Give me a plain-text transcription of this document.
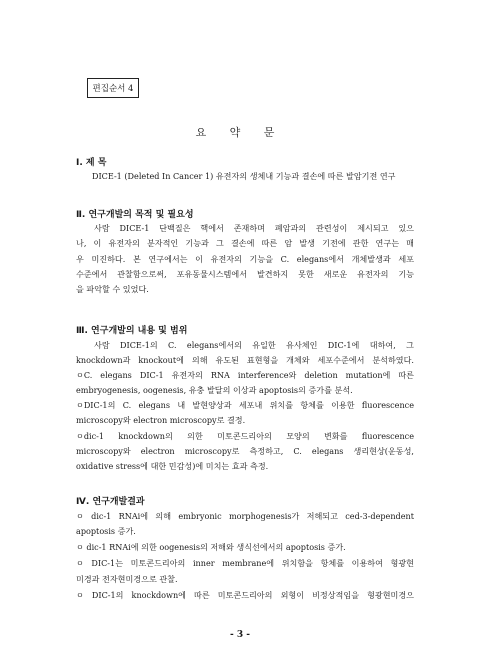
편집순서 4
요 약 문
Ⅰ. 제 목
DICE-1 (Deleted In Cancer 1) 유전자의 생체내 기능과 결손에 따른 발암기전 연구
Ⅱ. 연구개발의 목적 및 필요성
사람 DICE-1 단백질은 핵에서 존재하며 폐암과의 관련성이 제시되고 있으
나, 이 유전자의 분자적인 기능과 그 결손에 따른 암 발생 기전에 관한 연구는 매
우 미진하다. 본 연구에서는 이 유전자의 기능을 C. elegans에서 개체발생과 세포
수준에서 관찰함으로써, 포유동물시스템에서 발견하지 못한 새로운 유전자의 기능
을 파악할 수 있었다.
Ⅲ. 연구개발의 내용 및 범위
사람 DICE-1의 C. elegans에서의 유일한 유사체인 DIC-1에 대하여, 그
knockdown과 knockout에 의해 유도된 표현형을 개체와 세포수준에서 분석하였다.
ㅇC. elegans DIC-1 유전자의 RNA interference와 deletion mutation에 따른
embryogenesis, oogenesis, 유충 발달의 이상과 apoptosis의 증가를 분석.
ㅇDIC-1의 C. elegans 내 발현양상과 세포내 위치를 항체를 이용한 fluorescence
microscopy와 electron microscopy로 결정.
ㅇdic-1 knockdown의 의한 미토콘드리아의 모양의 변화를 fluorescence
microscopy와 electron microscopy로 측정하고, C. elegans 생리현상(운동성,
oxidative stress에 대한 민감성)에 미치는 효과 측정.
Ⅳ. 연구개발결과
ㅇ dic-1 RNAi에 의해 embryonic morphogenesis가 저해되고 ced-3-dependent
apoptosis 증가.
ㅇ dic-1 RNAi에 의한 oogenesis의 저해와 생식선에서의 apoptosis 증가.
ㅇ DIC-1는 미토콘드리아의 inner membrane에 위치함을 항체를 이용하여 형광현
미경과 전자현미경으로 관찰.
ㅇ DIC-1의 knockdown에 따른 미토콘드리아의 외형이 비정상적임을 형광현미경으
- 3 -
